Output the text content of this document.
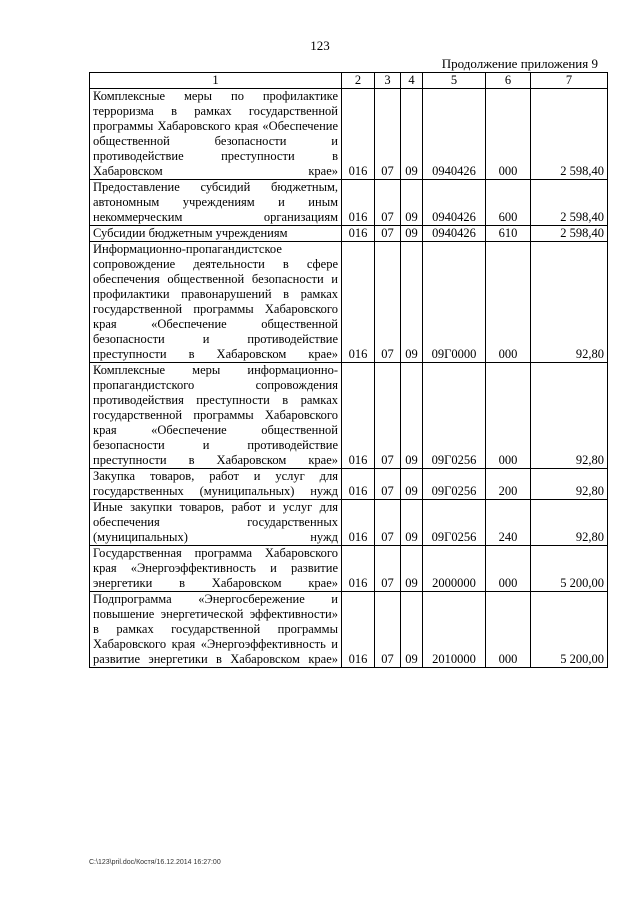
123
Продолжение приложения 9
1	2	3	4	5	6	7
Комплексные меры по профилактике терроризма в рамках государственной программы Хабаровского края «Обеспечение общественной безопасности и противодействие преступности в Хабаровском крае»	016	07	09	0940426	000	2 598,40
Предоставление субсидий бюджетным, автономным учреждениям и иным некоммерческим организациям	016	07	09	0940426	600	2 598,40
Субсидии бюджетным учреждениям	016	07	09	0940426	610	2 598,40
Информационно-пропагандистское сопровождение деятельности в сфере обеспечения общественной безопасности и профилактики правонарушений в рамках государственной программы Хабаровского края «Обеспечение общественной безопасности и противодействие преступности в Хабаровском крае»	016	07	09	09Г0000	000	92,80
Комплексные меры информационно-пропагандистского сопровождения противодействия преступности в рамках государственной программы Хабаровского края «Обеспечение общественной безопасности и противодействие преступности в Хабаровском крае»	016	07	09	09Г0256	000	92,80
Закупка товаров, работ и услуг для государственных (муниципальных) нужд	016	07	09	09Г0256	200	92,80
Иные закупки товаров, работ и услуг для обеспечения государственных (муниципальных) нужд	016	07	09	09Г0256	240	92,80
Государственная программа Хабаровского края «Энергоэффективность и развитие энергетики в Хабаровском крае»	016	07	09	2000000	000	5 200,00
Подпрограмма «Энергосбережение и повышение энергетической эффективности» в рамках государственной программы Хабаровского края «Энергоэффективность и развитие энергетики в Хабаровском крае»	016	07	09	2010000	000	5 200,00
C:\123\pril.doc/Костя/16.12.2014 16:27:00
